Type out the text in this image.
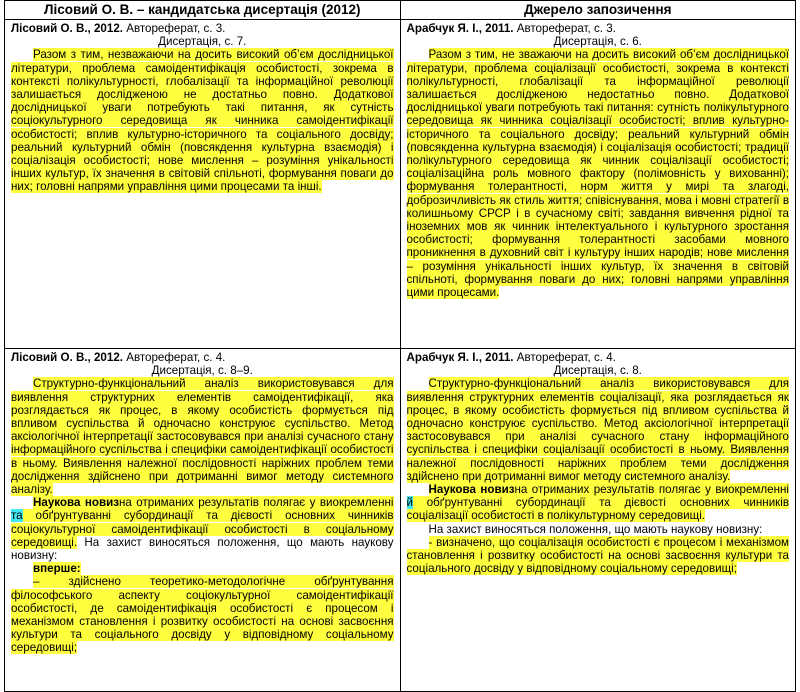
Лісовий О. В. – кандидатська дисертація (2012)	Джерело запозичення

Лісовий О. В., 2012. Автореферат, с. 3.

Дисертація, с. 7.

Разом з тим, незважаючи на досить високий об’єм дослідницької літератури, проблема самоідентифікація особистості, зокрема в контексті полікультурності, глобалізації та інформаційної революції залишається дослідженою не достатньо повно. Додаткової дослідницької уваги потребують такі питання, як сутність соціокультурного середовища як чинника самоідентифікації особистості; вплив культурно-історичного та соціального досвіду; реальний культурний обмін (повсякдення культурна взаємодія) і соціалізація особистості; нове мислення – розуміння унікальності інших культур, їх значення в світовій спільноті, формування поваги до них; головні напрями управління цими процесами та інші.

Арабчук Я. І., 2011. Автореферат, с. 3.

Дисертація, с. 6.

Разом з тим, не зважаючи на досить високий об’єм дослідницької літератури, проблема соціалізації особистості, зокрема в контексті полікультурності, глобалізації та інформаційної революції залишається дослідженою недостатньо повно. Додаткової дослідницької уваги потребують такі питання: сутність полікультурного середовища як чинника соціалізації особистості; вплив культурно-історичного та соціального досвіду; реальний культурний обмін (повсякденна культурна взаємодія) і соціалізація особистості; традиції полікультурного середовища як чинник соціалізації особистості; соціалізаційна роль мовного фактору (полімовність у вихованні); формування толерантності, норм життя у мирі та злагоді, доброзичливість як стиль життя; співіснування, мова і мовні стратегії в колишньому СРСР і в сучасному світі; завдання вивчення рідної та іноземних мов як чинник інтелектуального і культурного зростання особистості; формування толерантності засобами мовного проникнення в духовний світ і культуру інших народів; нове мислення – розуміння унікальності інших культур, їх значення в світовій спільноті, формування поваги до них; головні напрями управління цими процесами.

Лісовий О. В., 2012. Автореферат, с. 4.

Дисертація, с. 8–9.

Структурно-функціональний аналіз використовувався для виявлення структурних елементів самоідентифікації, яка розглядається як процес, в якому особистість формується під впливом суспільства й одночасно конструює суспільство. Метод аксіологічної інтерпретації застосовувався при аналізі сучасного стану інформаційного суспільства і специфіки самоідентифікації особистості в ньому. Виявлення належної послідовності наріжних проблем теми дослідження здійснено при дотриманні вимог методу системного аналізу.

Наукова новизна отриманих результатів полягає у виокремленні та обґрунтуванні субординації та дієвості основних чинників соціокультурної самоідентифікації особистості в соціальному середовищі. На захист виносяться положення, що мають наукову новизну:

вперше:

– здійснено теоретико-методологічне обґрунтування філософського аспекту соціокультурної самоідентифікації особистості, де самоідентифікація особистості є процесом і механізмом становлення і розвитку особистості на основі засвоєння культури та соціального досвіду у відповідному соціальному середовищі;

Арабчук Я. І., 2011. Автореферат, с. 4.

Дисертація, с. 8.

Структурно-функціональний аналіз використовувався для виявлення структурних елементів соціалізації, яка розглядається як процес, в якому особистість формується під впливом суспільства й одночасно конструює суспільство. Метод аксіологічної інтерпретації застосовувався при аналізі сучасного стану інформаційного суспільства і специфіки соціалізації особистості в ньому. Виявлення належної послідовності наріжних проблем теми дослідження здійснено при дотриманні вимог методу системного аналізу.

Наукова новизна отриманих результатів полягає у виокремленні й обґрунтуванні субординації та дієвості основних чинників соціалізації особистості в полікультурному середовищі.

На захист виносяться положення, що мають наукову новизну:

- визначено, що соціалізація особистості є процесом і механізмом становлення і розвитку особистості на основі засвоєння культури та соціального досвіду у відповідному соціальному середовищі;
